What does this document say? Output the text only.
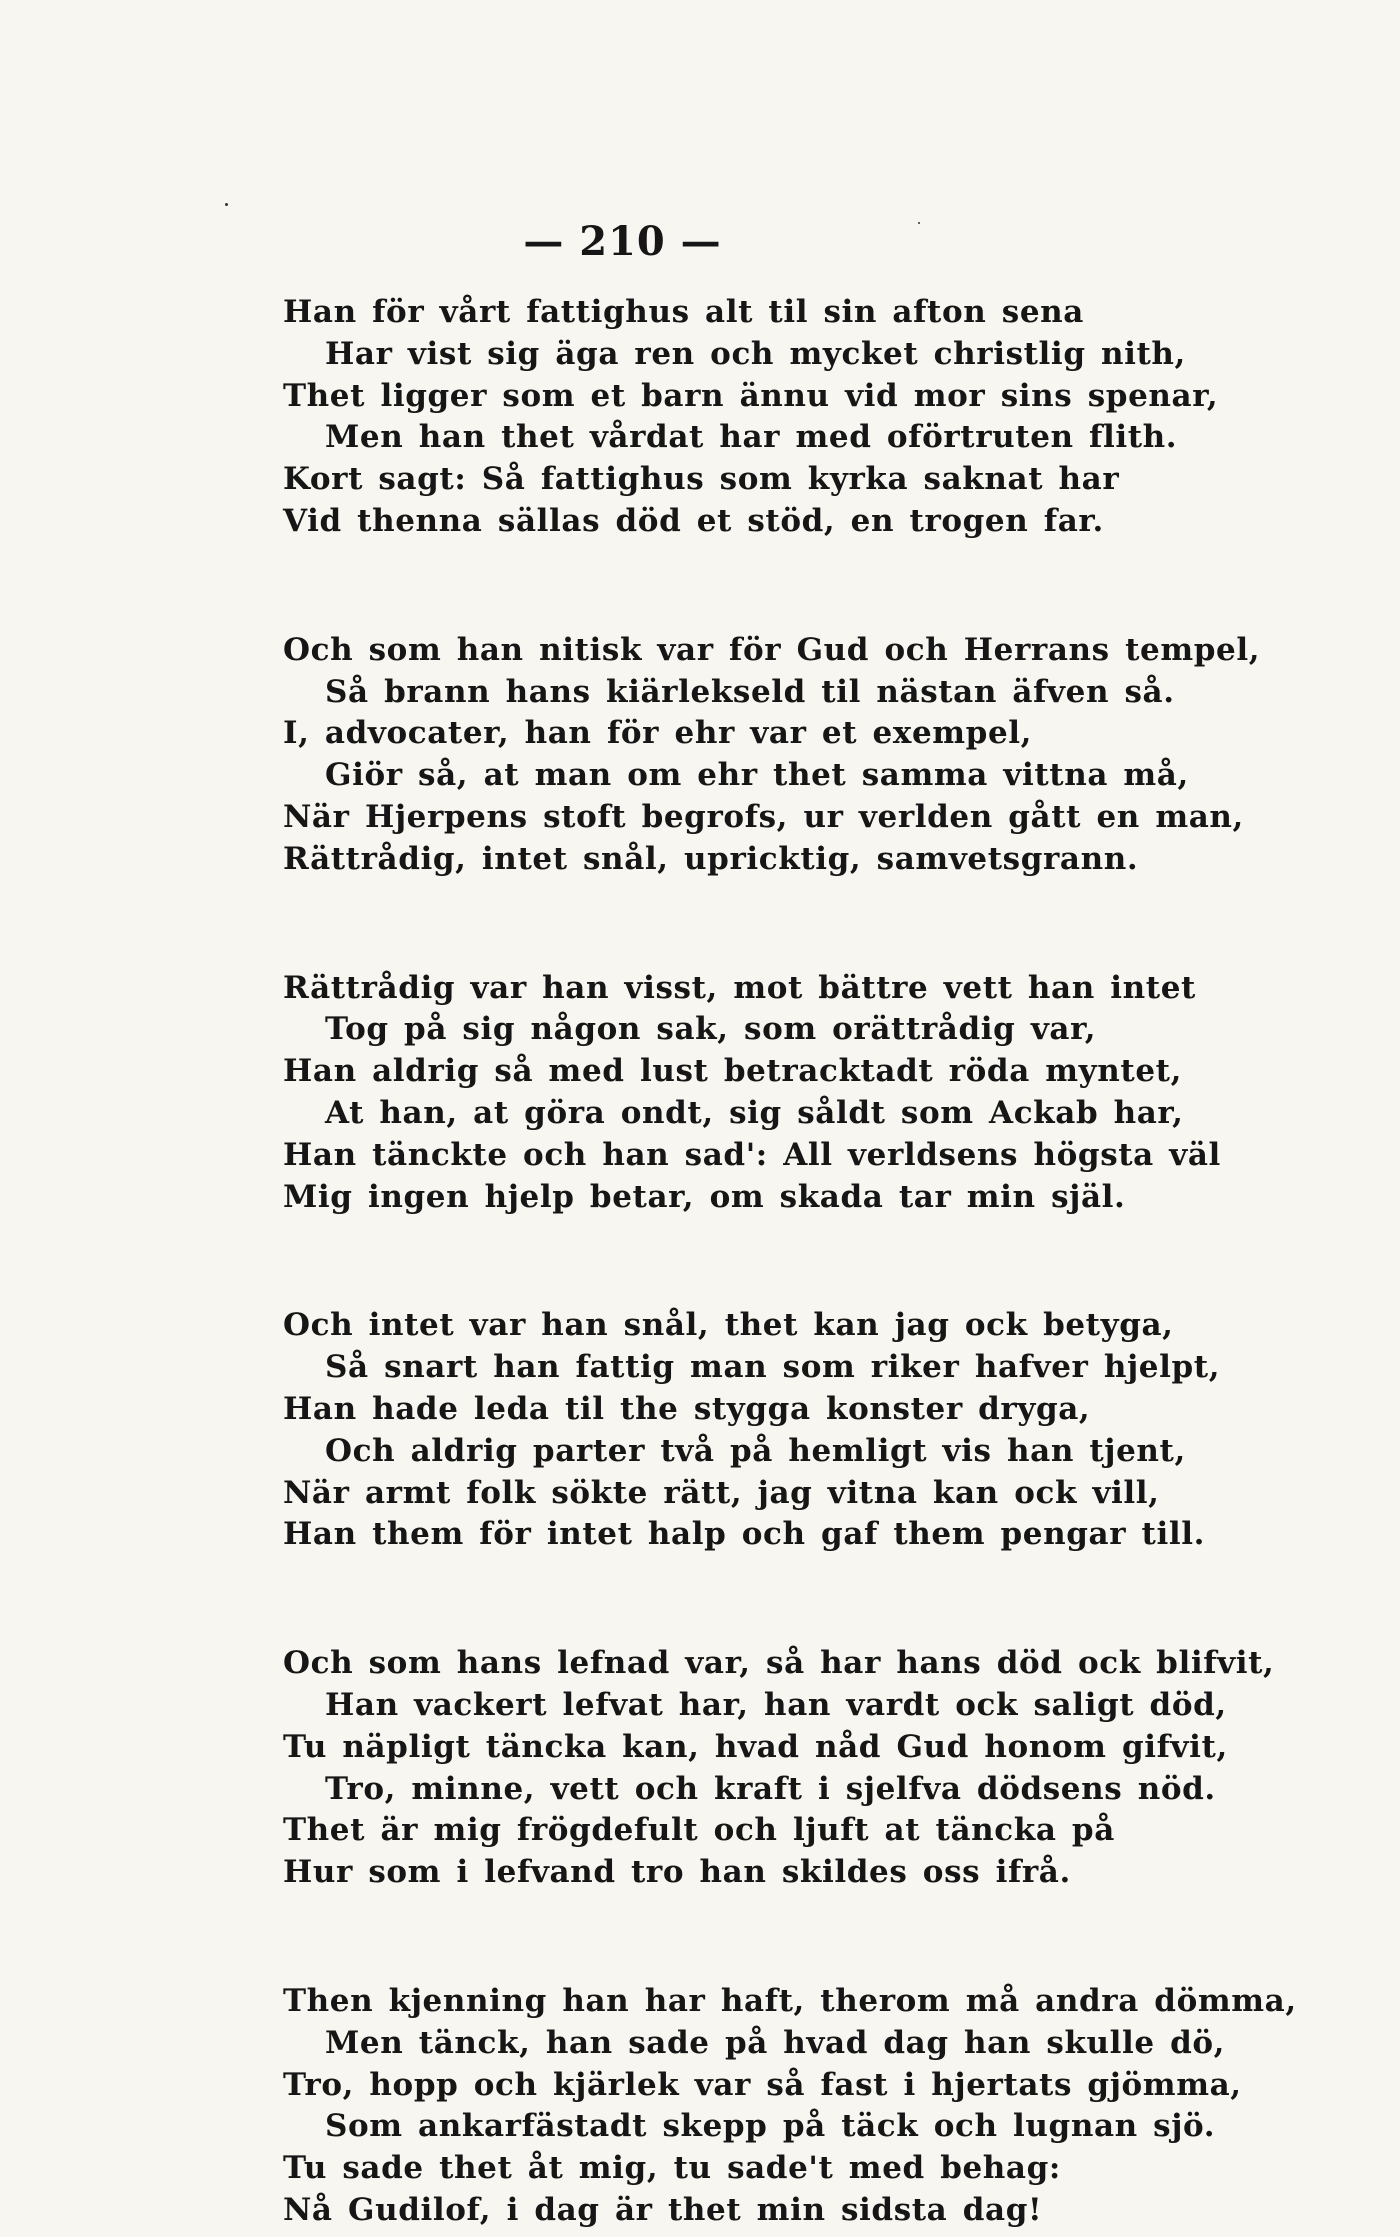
— 210 —
Han för vårt fattighus alt til sin afton sena
Har vist sig äga ren och mycket christlig nith,
Thet ligger som et barn ännu vid mor sins spenar,
Men han thet vårdat har med oförtruten flith.
Kort sagt: Så fattighus som kyrka saknat har
Vid thenna sällas död et stöd, en trogen far.
Och som han nitisk var för Gud och Herrans tempel,
Så brann hans kiärlekseld til nästan äfven så.
I, advocater, han för ehr var et exempel,
Giör så, at man om ehr thet samma vittna må,
När Hjerpens stoft begrofs, ur verlden gått en man,
Rättrådig, intet snål, upricktig, samvetsgrann.
Rättrådig var han visst, mot bättre vett han intet
Tog på sig någon sak, som orättrådig var,
Han aldrig så med lust betracktadt röda myntet,
At han, at göra ondt, sig såldt som Ackab har,
Han tänckte och han sad': All verldsens högsta väl
Mig ingen hjelp betar, om skada tar min själ.
Och intet var han snål, thet kan jag ock betyga,
Så snart han fattig man som riker hafver hjelpt,
Han hade leda til the stygga konster dryga,
Och aldrig parter två på hemligt vis han tjent,
När armt folk sökte rätt, jag vitna kan ock vill,
Han them för intet halp och gaf them pengar till.
Och som hans lefnad var, så har hans död ock blifvit,
Han vackert lefvat har, han vardt ock saligt död,
Tu näpligt täncka kan, hvad nåd Gud honom gifvit,
Tro, minne, vett och kraft i sjelfva dödsens nöd.
Thet är mig frögdefult och ljuft at täncka på
Hur som i lefvand tro han skildes oss ifrå.
Then kjenning han har haft, therom må andra dömma,
Men tänck, han sade på hvad dag han skulle dö,
Tro, hopp och kjärlek var så fast i hjertats gjömma,
Som ankarfästadt skepp på täck och lugnan sjö.
Tu sade thet åt mig, tu sade't med behag:
Nå Gudilof, i dag är thet min sidsta dag!
